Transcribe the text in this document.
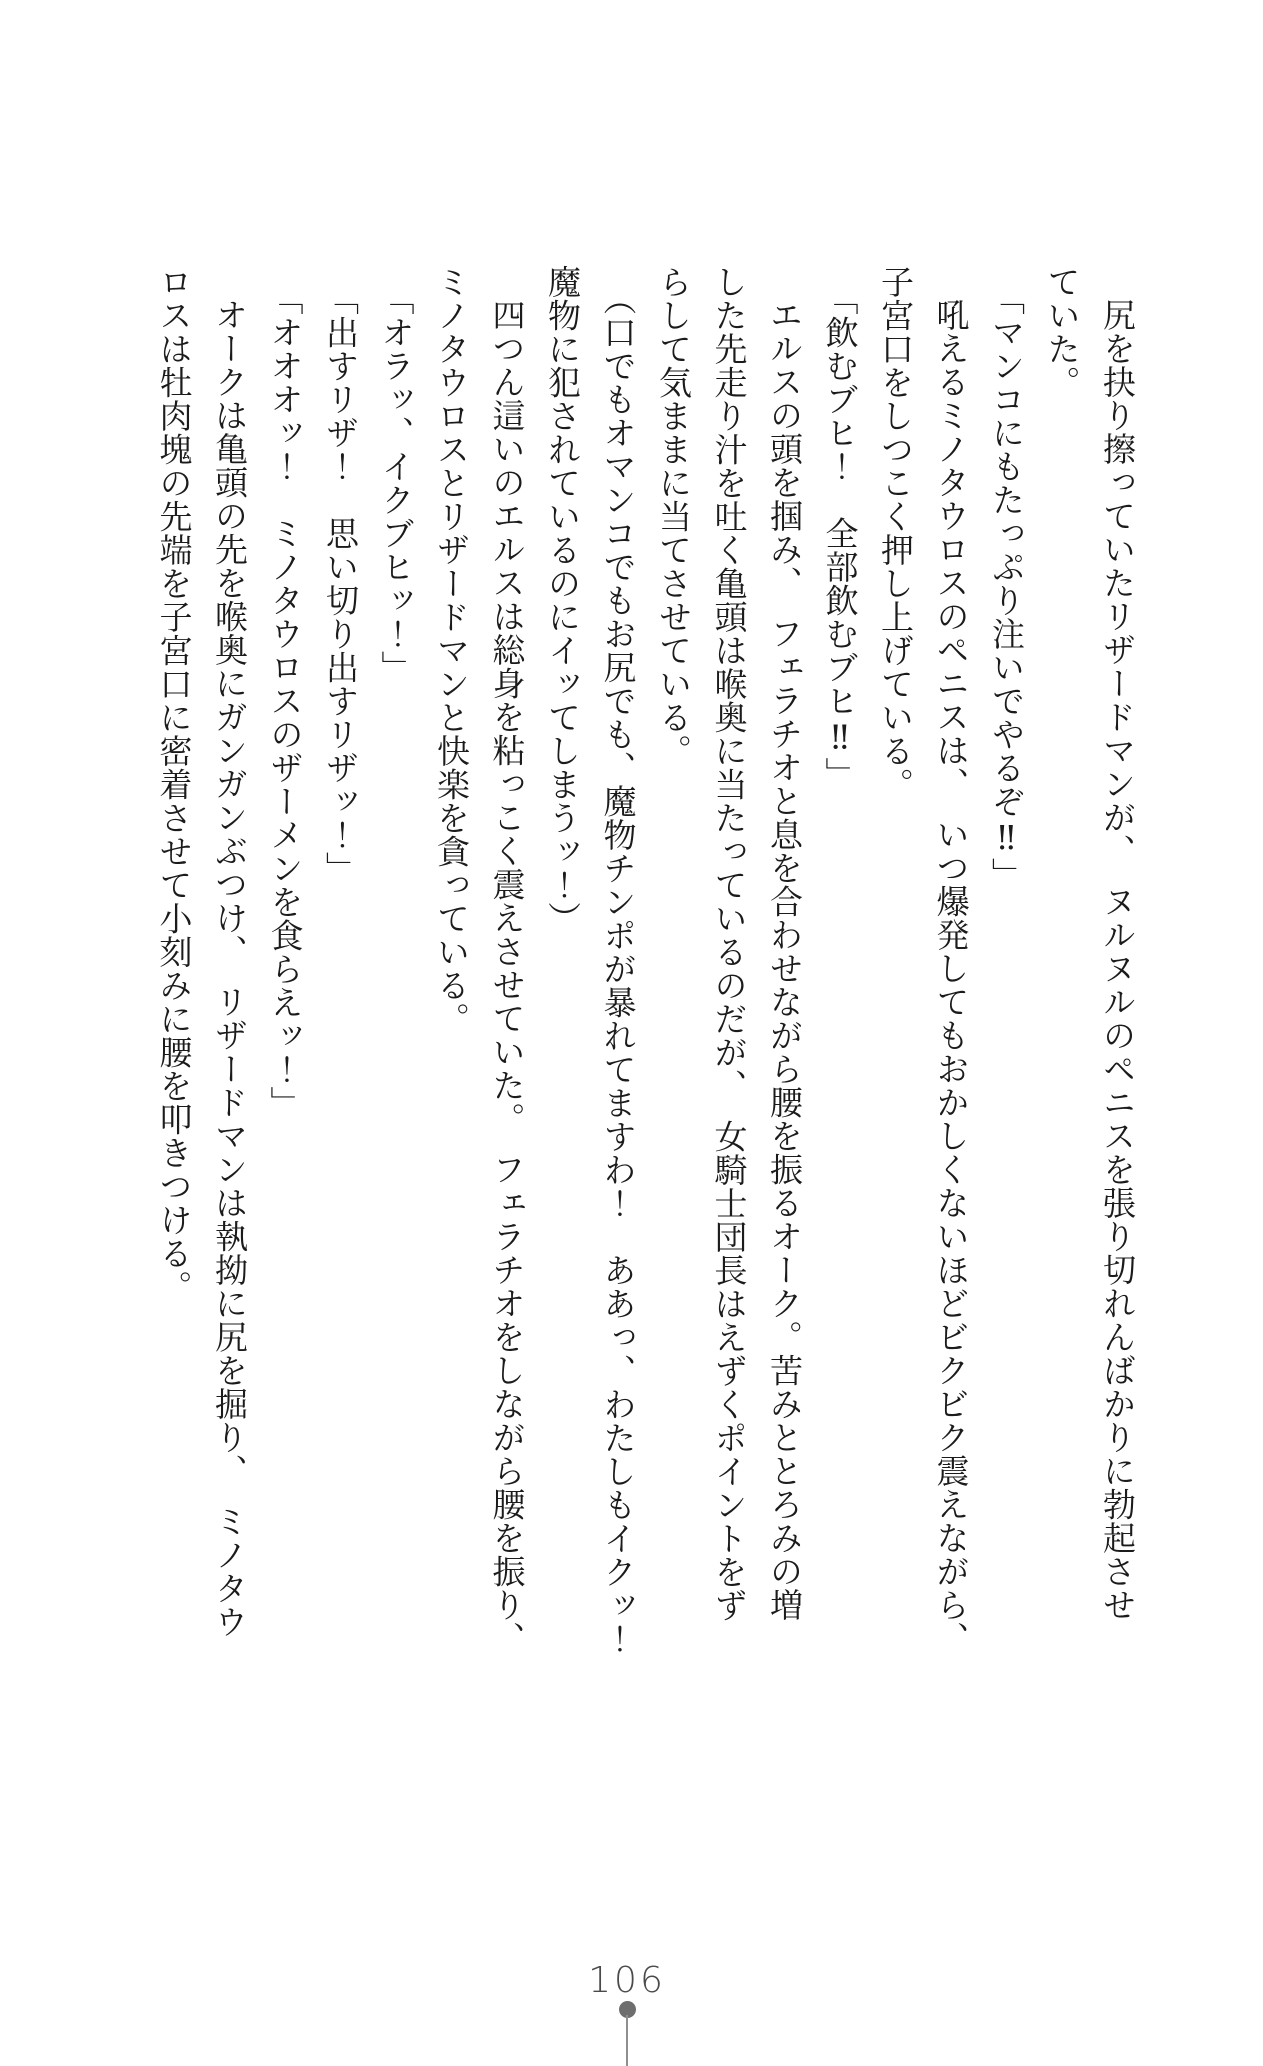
尻を抉り擦っていたリザードマンが、　ヌルヌルのペニスを張り切れんばかりに勃起させ
ていた。
「マンコにもたっぷり注いでやるぞ‼」
吼えるミノタウロスのペニスは、　いつ爆発してもおかしくないほどビクビク震えながら、
子宮口をしつこく押し上げている。
「飲むブヒ！　全部飲むブヒ‼」
エルスの頭を掴み、　フェラチオと息を合わせながら腰を振るオーク。苦みととろみの増
した先走り汁を吐く亀頭は喉奥に当たっているのだが、　女騎士団長はえずくポイントをず
らして気ままに当てさせている。
（口でもオマンコでもお尻でも、魔物チンポが暴れてますわ！　ああっ、わたしもイクッ！
魔物に犯されているのにイッてしまうッ！）
四つん這いのエルスは総身を粘っこく震えさせていた。　フェラチオをしながら腰を振り、
ミノタウロスとリザードマンと快楽を貪っている。
「オラッ、イクブヒッ！」
「出すリザ！　思い切り出すリザッ！」
「オオオッ！　ミノタウロスのザーメンを食らえッ！」
オークは亀頭の先を喉奥にガンガンぶつけ、　リザードマンは執拗に尻を掘り、　ミノタウ
ロスは牡肉塊の先端を子宮口に密着させて小刻みに腰を叩きつける。
106
